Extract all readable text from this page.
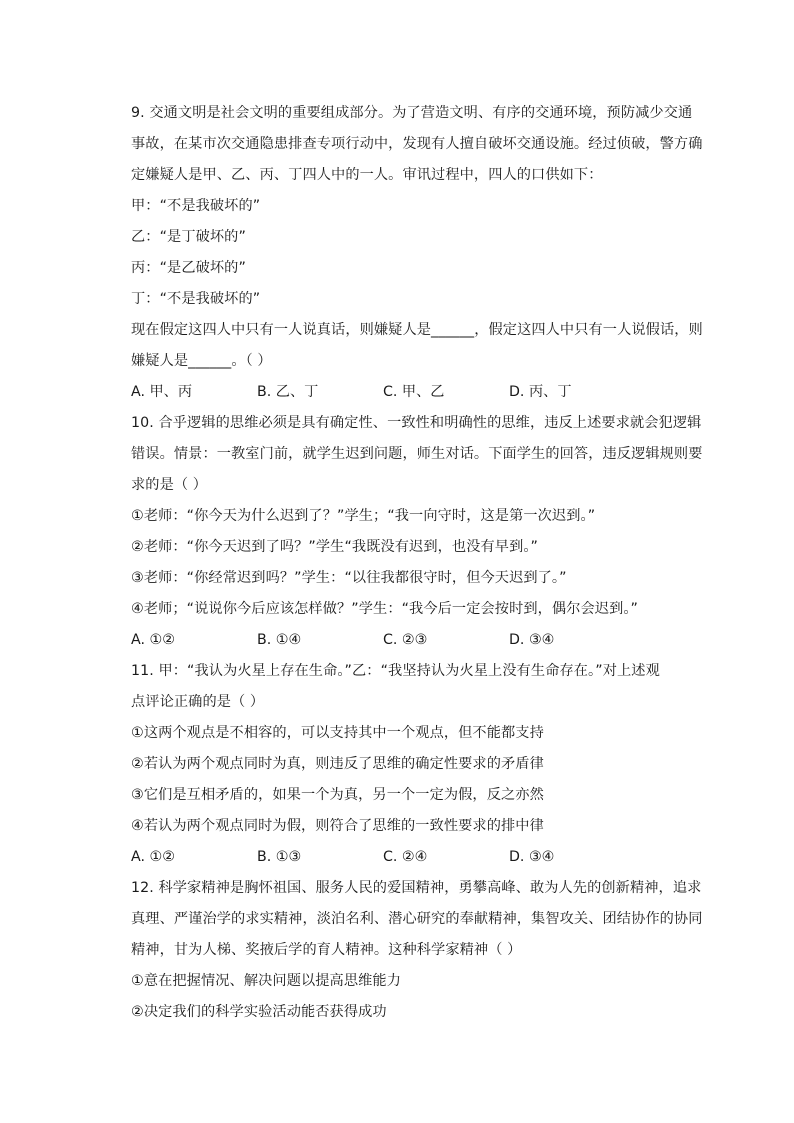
9. 交通文明是社会文明的重要组成部分。为了营造文明、有序的交通环境，预防减少交通
事故，在某市次交通隐患排查专项行动中，发现有人擅自破坏交通设施。经过侦破，警方确
定嫌疑人是甲、乙、丙、丁四人中的一人。审讯过程中，四人的口供如下：
甲：“不是我破坏的”
乙：“是丁破坏的”
丙：“是乙破坏的”
丁：“不是我破坏的”
现在假定这四人中只有一人说真话，则嫌疑人是______，假定这四人中只有一人说假话，则
嫌疑人是______。（ ）
A. 甲、丙	B. 乙、丁	C. 甲、乙	D. 丙、丁
10. 合乎逻辑的思维必须是具有确定性、一致性和明确性的思维，违反上述要求就会犯逻辑
错误。情景：一教室门前，就学生迟到问题，师生对话。下面学生的回答，违反逻辑规则要
求的是（ ）
①老师：“你今天为什么迟到了？”学生；“我一向守时，这是第一次迟到。”
②老师：“你今天迟到了吗？”学生“我既没有迟到，也没有早到。”
③老师：“你经常迟到吗？”学生：“以往我都很守时，但今天迟到了。”
④老师；“说说你今后应该怎样做？”学生：“我今后一定会按时到，偶尔会迟到。”
A. ①②	B. ①④	C. ②③	D. ③④
11. 甲：“我认为火星上存在生命。”乙：“我坚持认为火星上没有生命存在。”对上述观
点评论正确的是（ ）
①这两个观点是不相容的，可以支持其中一个观点，但不能都支持
②若认为两个观点同时为真，则违反了思维的确定性要求的矛盾律
③它们是互相矛盾的，如果一个为真，另一个一定为假，反之亦然
④若认为两个观点同时为假，则符合了思维的一致性要求的排中律
A. ①②	B. ①③	C. ②④	D. ③④
12. 科学家精神是胸怀祖国、服务人民的爱国精神，勇攀高峰、敢为人先的创新精神，追求
真理、严谨治学的求实精神，淡泊名利、潜心研究的奉献精神，集智攻关、团结协作的协同
精神，甘为人梯、奖掖后学的育人精神。这种科学家精神（ ）
①意在把握情况、解决问题以提高思维能力
②决定我们的科学实验活动能否获得成功
